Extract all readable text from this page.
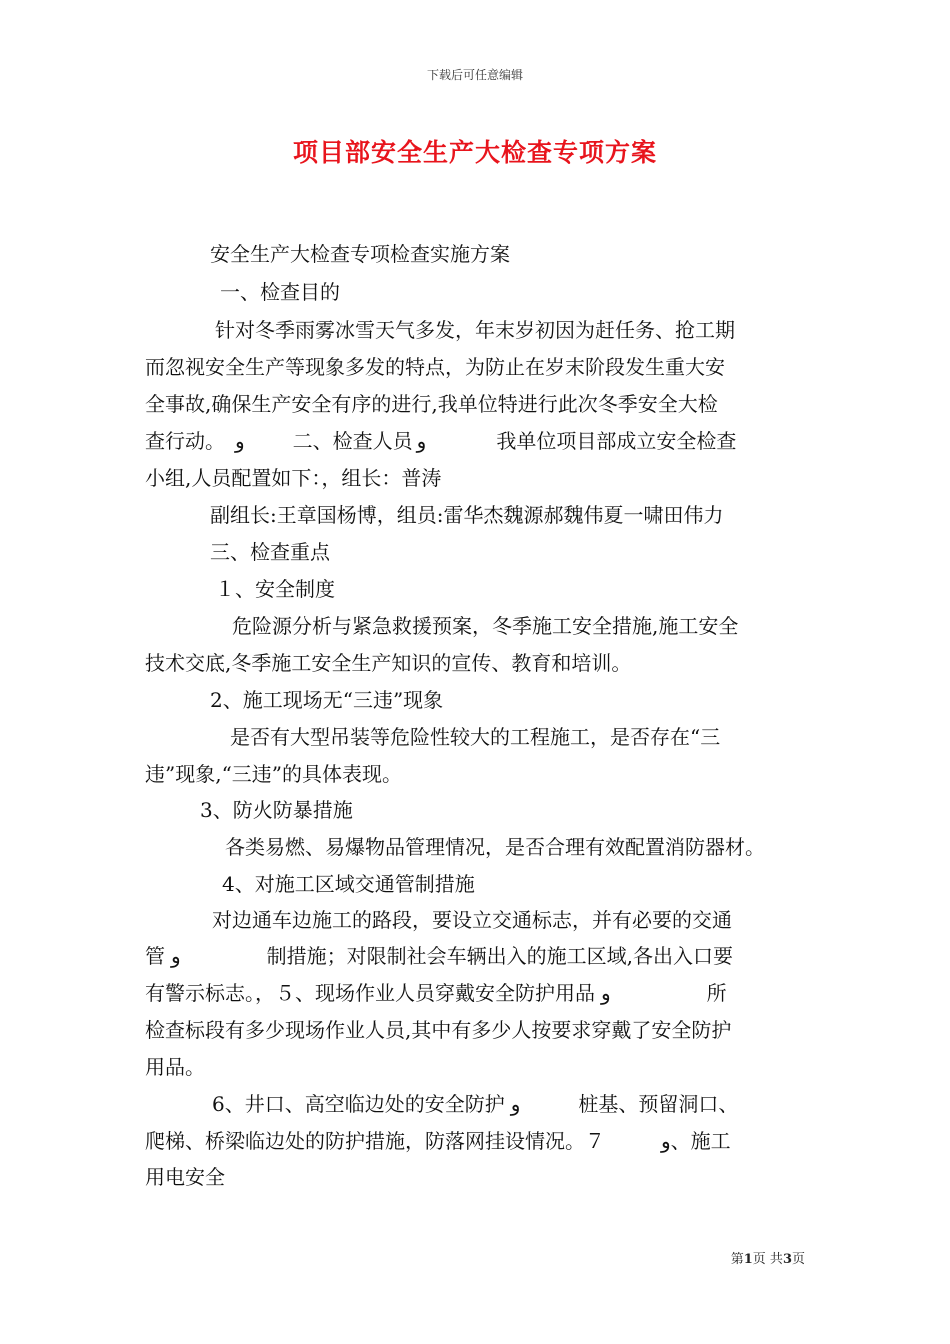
下载后可任意编辑
项目部安全生产大检查专项方案
安全生产大检查专项检查实施方案
一、检查目的
针对冬季雨雾冰雪天气多发，年末岁初因为赶任务、抢工期
而忽视安全生产等现象多发的特点，为防止在岁末阶段发生重大安
全事故,确保生产安全有序的进行,我单位特进行此次冬季安全大检
查行动。 و 二、检查人员 و	我单位项目部成立安全检查
小组,人员配置如下：，组长：普涛
副组长:王章国杨博，组员:雷华杰魏源郝魏伟夏一啸田伟力
三、检查重点
１、安全制度
危险源分析与紧急救援预案，冬季施工安全措施,施工安全
技术交底,冬季施工安全生产知识的宣传、教育和培训。
2、施工现场无“三违”现象
是否有大型吊装等危险性较大的工程施工，是否存在“三
违”现象,“三违”的具体表现。
3、防火防暴措施
各类易燃、易爆物品管理情况，是否合理有效配置消防器材。
4、对施工区域交通管制措施
对边通车边施工的路段，要设立交通标志，并有必要的交通
管 و	制措施；对限制社会车辆出入的施工区域,各出入口要
有警示标志。，５、现场作业人员穿戴安全防护用品 و	所
检查标段有多少现场作业人员,其中有多少人按要求穿戴了安全防护
用品。
6、井口、高空临边处的安全防护 و	桩基、预留洞口、
爬梯、桥梁临边处的防护措施，防落网挂设情况。７	و、施工
用电安全
第1页 共3页
